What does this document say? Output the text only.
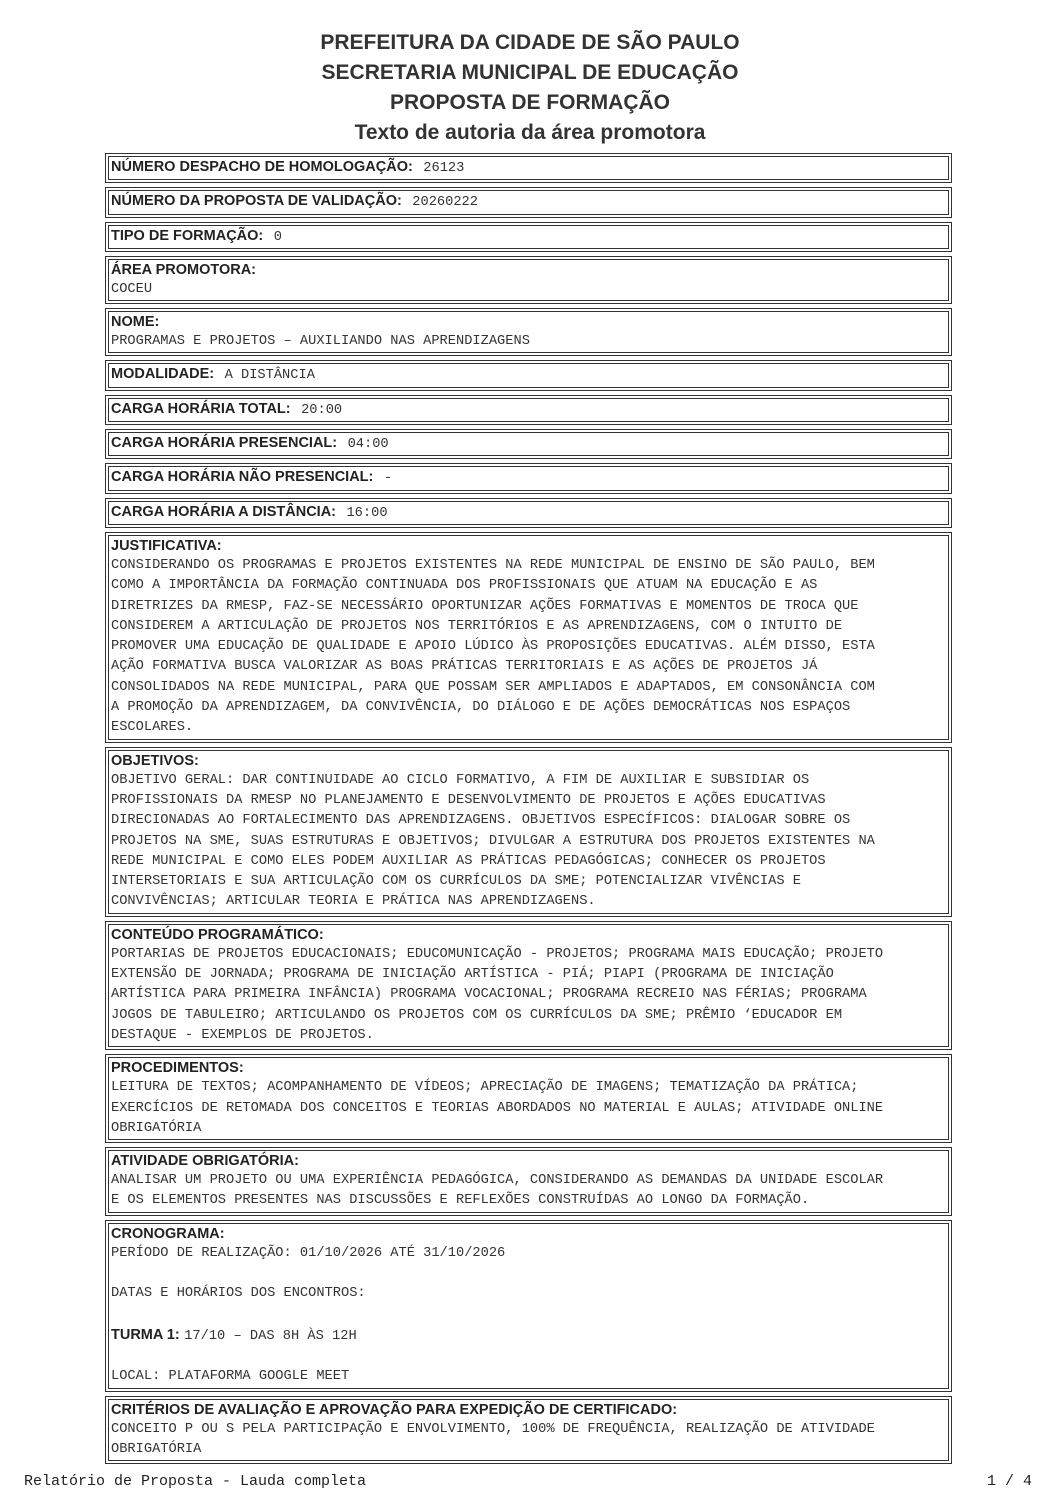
PREFEITURA DA CIDADE DE SÃO PAULO
SECRETARIA MUNICIPAL DE EDUCAÇÃO
PROPOSTA DE FORMAÇÃO
Texto de autoria da área promotora
NÚMERO DESPACHO DE HOMOLOGAÇÃO: 26123
NÚMERO DA PROPOSTA DE VALIDAÇÃO: 20260222
TIPO DE FORMAÇÃO: 0
ÁREA PROMOTORA:
COCEU
NOME:
PROGRAMAS E PROJETOS – AUXILIANDO NAS APRENDIZAGENS
MODALIDADE: A DISTÂNCIA
CARGA HORÁRIA TOTAL: 20:00
CARGA HORÁRIA PRESENCIAL: 04:00
CARGA HORÁRIA NÃO PRESENCIAL: -
CARGA HORÁRIA A DISTÂNCIA: 16:00
JUSTIFICATIVA:
CONSIDERANDO OS PROGRAMAS E PROJETOS EXISTENTES NA REDE MUNICIPAL DE ENSINO DE SÃO PAULO, BEM
COMO A IMPORTÂNCIA DA FORMAÇÃO CONTINUADA DOS PROFISSIONAIS QUE ATUAM NA EDUCAÇÃO E AS
DIRETRIZES DA RMESP, FAZ-SE NECESSÁRIO OPORTUNIZAR AÇÕES FORMATIVAS E MOMENTOS DE TROCA QUE
CONSIDEREM A ARTICULAÇÃO DE PROJETOS NOS TERRITÓRIOS E AS APRENDIZAGENS, COM O INTUITO DE
PROMOVER UMA EDUCAÇÃO DE QUALIDADE E APOIO LÚDICO ÀS PROPOSIÇÕES EDUCATIVAS. ALÉM DISSO, ESTA
AÇÃO FORMATIVA BUSCA VALORIZAR AS BOAS PRÁTICAS TERRITORIAIS E AS AÇÕES DE PROJETOS JÁ
CONSOLIDADOS NA REDE MUNICIPAL, PARA QUE POSSAM SER AMPLIADOS E ADAPTADOS, EM CONSONÂNCIA COM
A PROMOÇÃO DA APRENDIZAGEM, DA CONVIVÊNCIA, DO DIÁLOGO E DE AÇÕES DEMOCRÁTICAS NOS ESPAÇOS
ESCOLARES.
OBJETIVOS:
OBJETIVO GERAL: DAR CONTINUIDADE AO CICLO FORMATIVO, A FIM DE AUXILIAR E SUBSIDIAR OS
PROFISSIONAIS DA RMESP NO PLANEJAMENTO E DESENVOLVIMENTO DE PROJETOS E AÇÕES EDUCATIVAS
DIRECIONADAS AO FORTALECIMENTO DAS APRENDIZAGENS. OBJETIVOS ESPECÍFICOS: DIALOGAR SOBRE OS
PROJETOS NA SME, SUAS ESTRUTURAS E OBJETIVOS; DIVULGAR A ESTRUTURA DOS PROJETOS EXISTENTES NA
REDE MUNICIPAL E COMO ELES PODEM AUXILIAR AS PRÁTICAS PEDAGÓGICAS; CONHECER OS PROJETOS
INTERSETORIAIS E SUA ARTICULAÇÃO COM OS CURRÍCULOS DA SME; POTENCIALIZAR VIVÊNCIAS E
CONVIVÊNCIAS; ARTICULAR TEORIA E PRÁTICA NAS APRENDIZAGENS.
CONTEÚDO PROGRAMÁTICO:
PORTARIAS DE PROJETOS EDUCACIONAIS; EDUCOMUNICAÇÃO - PROJETOS; PROGRAMA MAIS EDUCAÇÃO; PROJETO
EXTENSÃO DE JORNADA; PROGRAMA DE INICIAÇÃO ARTÍSTICA - PIÁ; PIAPI (PROGRAMA DE INICIAÇÃO
ARTÍSTICA PARA PRIMEIRA INFÂNCIA) PROGRAMA VOCACIONAL; PROGRAMA RECREIO NAS FÉRIAS; PROGRAMA
JOGOS DE TABULEIRO; ARTICULANDO OS PROJETOS COM OS CURRÍCULOS DA SME; PRÊMIO ‘EDUCADOR EM
DESTAQUE - EXEMPLOS DE PROJETOS.
PROCEDIMENTOS:
LEITURA DE TEXTOS; ACOMPANHAMENTO DE VÍDEOS; APRECIAÇÃO DE IMAGENS; TEMATIZAÇÃO DA PRÁTICA;
EXERCÍCIOS DE RETOMADA DOS CONCEITOS E TEORIAS ABORDADOS NO MATERIAL E AULAS; ATIVIDADE ONLINE
OBRIGATÓRIA
ATIVIDADE OBRIGATÓRIA:
ANALISAR UM PROJETO OU UMA EXPERIÊNCIA PEDAGÓGICA, CONSIDERANDO AS DEMANDAS DA UNIDADE ESCOLAR
E OS ELEMENTOS PRESENTES NAS DISCUSSÕES E REFLEXÕES CONSTRUÍDAS AO LONGO DA FORMAÇÃO.
CRONOGRAMA:
PERÍODO DE REALIZAÇÃO: 01/10/2026 ATÉ 31/10/2026
DATAS E HORÁRIOS DOS ENCONTROS:
TURMA 1: 17/10 – DAS 8H ÀS 12H
LOCAL: PLATAFORMA GOOGLE MEET
CRITÉRIOS DE AVALIAÇÃO E APROVAÇÃO PARA EXPEDIÇÃO DE CERTIFICADO:
CONCEITO P OU S PELA PARTICIPAÇÃO E ENVOLVIMENTO, 100% DE FREQUÊNCIA, REALIZAÇÃO DE ATIVIDADE
OBRIGATÓRIA
Relatório de Proposta - Lauda completa	1 / 4
